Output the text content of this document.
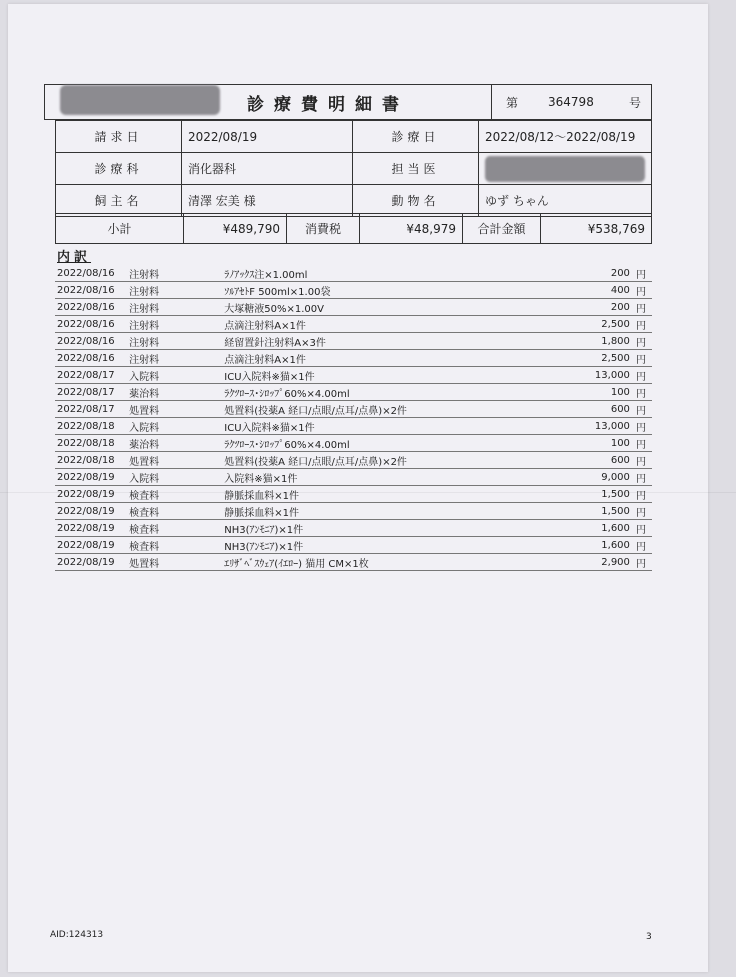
診療費明細書	第	364798	号
請求日	2022/08/19	診療日	2022/08/12～2022/08/19
診療科	消化器科	担当医	
飼主名	清澤 宏美 様	動物名	ゆず ちゃん
小計	¥489,790	消費税	¥48,979	合計金額	¥538,769
内訳
2022/08/16	注射料	ﾗﾉｱｯｸｽ注×1.00ml	200	円
2022/08/16	注射料	ｿﾙｱｾﾄF 500ml×1.00袋	400	円
2022/08/16	注射料	大塚糖液50%×1.00V	200	円
2022/08/16	注射料	点滴注射料A×1件	2,500	円
2022/08/16	注射料	経留置針注射料A×3件	1,800	円
2022/08/16	注射料	点滴注射料A×1件	2,500	円
2022/08/17	入院料	ICU入院料※猫×1件	13,000	円
2022/08/17	薬治料	ﾗｸﾂﾛｰｽ･ｼﾛｯﾌﾟ60%×4.00ml	100	円
2022/08/17	処置料	処置料(投薬A 経口/点眼/点耳/点鼻)×2件	600	円
2022/08/18	入院料	ICU入院料※猫×1件	13,000	円
2022/08/18	薬治料	ﾗｸﾂﾛｰｽ･ｼﾛｯﾌﾟ60%×4.00ml	100	円
2022/08/18	処置料	処置料(投薬A 経口/点眼/点耳/点鼻)×2件	600	円
2022/08/19	入院料	入院料※猫×1件	9,000	円
2022/08/19	検査料	静脈採血料×1件	1,500	円
2022/08/19	検査料	静脈採血料×1件	1,500	円
2022/08/19	検査料	NH3(ｱﾝﾓﾆｱ)×1件	1,600	円
2022/08/19	検査料	NH3(ｱﾝﾓﾆｱ)×1件	1,600	円
2022/08/19	処置料	ｴﾘｻﾞﾍﾞｽｳｪｱ(ｲｴﾛｰ) 猫用 CM×1枚	2,900	円
AID:124313	3
